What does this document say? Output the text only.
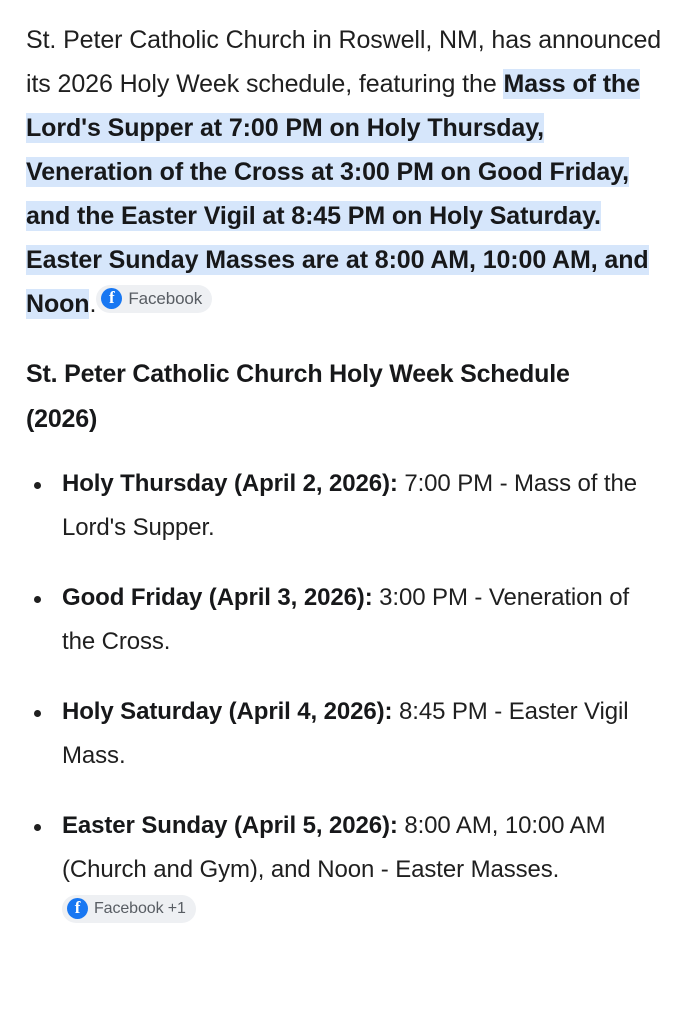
St. Peter Catholic Church in Roswell, NM, has announced its 2026 Holy Week schedule, featuring the Mass of the Lord's Supper at 7:00 PM on Holy Thursday, Veneration of the Cross at 3:00 PM on Good Friday, and the Easter Vigil at 8:45 PM on Holy Saturday. Easter Sunday Masses are at 8:00 AM, 10:00 AM, and Noon. f Facebook

St. Peter Catholic Church Holy Week Schedule (2026)
Holy Thursday (April 2, 2026): 7:00 PM - Mass of the Lord's Supper.
Good Friday (April 3, 2026): 3:00 PM - Veneration of the Cross.
Holy Saturday (April 4, 2026): 8:45 PM - Easter Vigil Mass.
Easter Sunday (April 5, 2026): 8:00 AM, 10:00 AM (Church and Gym), and Noon - Easter Masses.
f
Facebook +1
